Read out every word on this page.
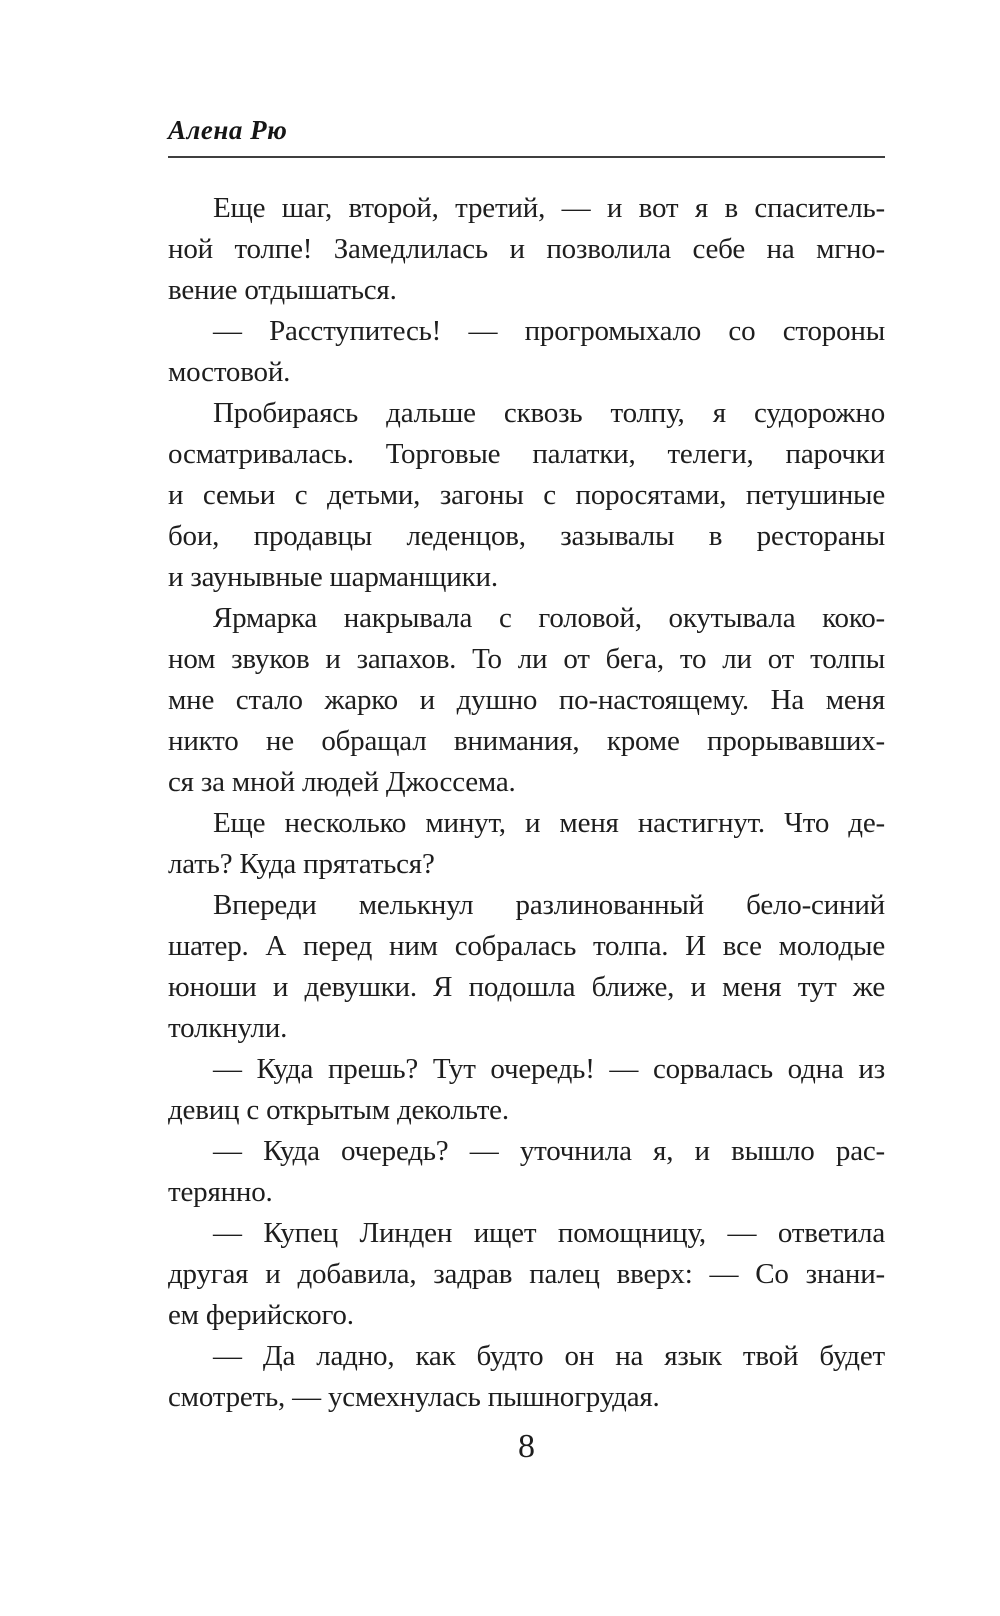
Алена Рю
Еще шаг, второй, третий, — и вот я в спаситель-
ной толпе! Замедлилась и позволила себе на мгно-
вение отдышаться.
— Расступитесь! — прогромыхало со стороны
мостовой.
Пробираясь дальше сквозь толпу, я судорожно
осматривалась. Торговые палатки, телеги, парочки
и семьи с детьми, загоны с поросятами, петушиные
бои, продавцы леденцов, зазывалы в рестораны
и заунывные шарманщики.
Ярмарка накрывала с головой, окутывала коко-
ном звуков и запахов. То ли от бега, то ли от толпы
мне стало жарко и душно по-настоящему. На меня
никто не обращал внимания, кроме прорывавших-
ся за мной людей Джоссема.
Еще несколько минут, и меня настигнут. Что де-
лать? Куда прятаться?
Впереди мелькнул разлинованный бело-синий
шатер. А перед ним собралась толпа. И все молодые
юноши и девушки. Я подошла ближе, и меня тут же
толкнули.
— Куда прешь? Тут очередь! — сорвалась одна из
девиц с открытым декольте.
— Куда очередь? — уточнила я, и вышло рас-
терянно.
— Купец Линден ищет помощницу, — ответила
другая и добавила, задрав палец вверх: — Со знани-
ем ферийского.
— Да ладно, как будто он на язык твой будет
смотреть, — усмехнулась пышногрудая.
8
